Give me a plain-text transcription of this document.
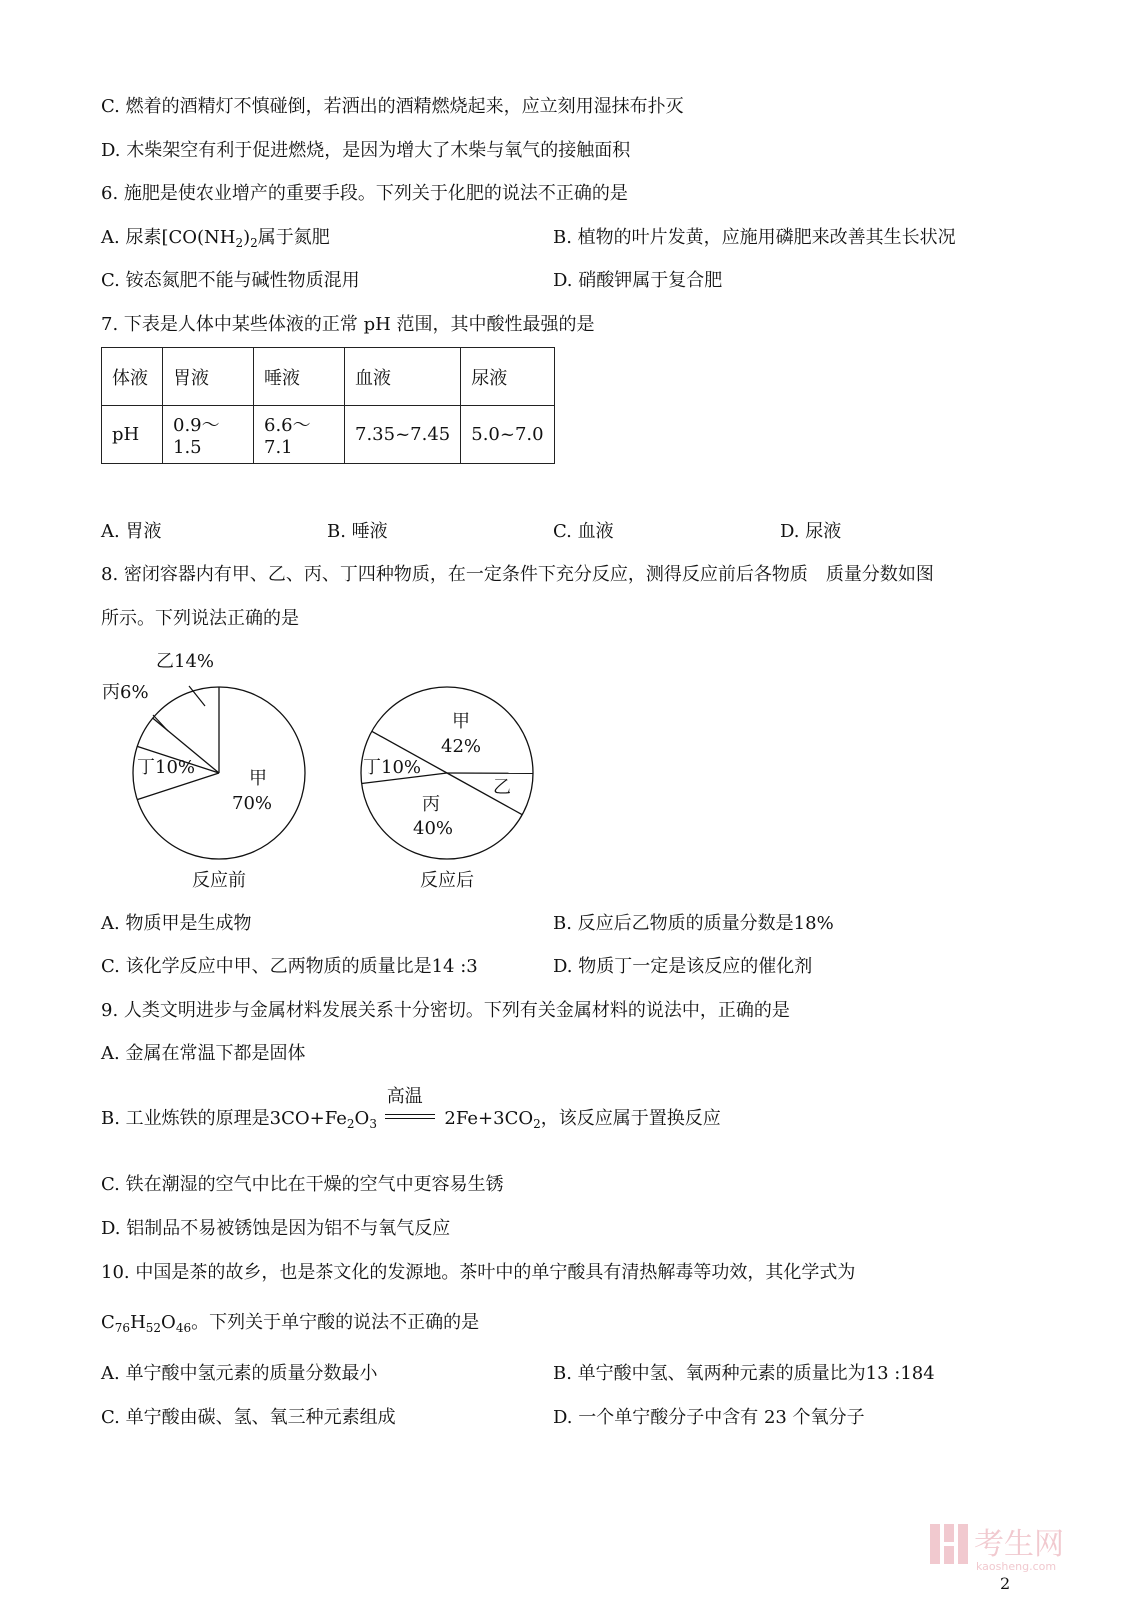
C. 燃着的酒精灯不慎碰倒，若洒出的酒精燃烧起来，应立刻用湿抹布扑灭
D. 木柴架空有利于促进燃烧，是因为增大了木柴与氧气的接触面积
6. 施肥是使农业增产的重要手段。下列关于化肥的说法不正确的是
A. 尿素[$CO(NH_2)_2$属于氮肥	B. 植物的叶片发黄，应施用磷肥来改善其生长状况
C. 铵态氮肥不能与碱性物质混用	D. 硝酸钾属于复合肥
7. 下表是人体中某些体液的正常 pH 范围，其中酸性最强的是
体液	胃液	唾液	血液	尿液
pH	0.9～1.5	6.6～7.1	7.35~7.45	5.0~7.0
A. 胃液	B. 唾液	C. 血液	D. 尿液
8. 密闭容器内有甲、乙、丙、丁四种物质，在一定条件下充分反应，测得反应前后各物质　质量分数如图
所示。下列说法正确的是
甲
70%
丁10%
丙6%
乙14%
反应前
甲
42%
乙
丙
40%
丁10%
反应后
A. 物质甲是生成物	B. 反应后乙物质的质量分数是18%
C. 该化学反应中甲、乙两物质的质量比是14 :3	D. 物质丁一定是该反应的催化剂
9. 人类文明进步与金属材料发展关系十分密切。下列有关金属材料的说法中，正确的是
A. 金属在常温下都是固体
B. 工业炼铁的原理是$3CO+Fe_2O_3$
高温
$2Fe+3CO_2$，该反应属于置换反应
C. 铁在潮湿的空气中比在干燥的空气中更容易生锈
D. 铝制品不易被锈蚀是因为铝不与氧气反应
10. 中国是茶的故乡，也是茶文化的发源地。茶叶中的单宁酸具有清热解毒等功效，其化学式为
$C_{76}H_{52}O_{46}$。下列关于单宁酸的说法不正确的是
A. 单宁酸中氢元素的质量分数最小	B. 单宁酸中氢、氧两种元素的质量比为13 :184
C. 单宁酸由碳、氢、氧三种元素组成	D. 一个单宁酸分子中含有 23 个氧分子
考生网
kaosheng.com
2
